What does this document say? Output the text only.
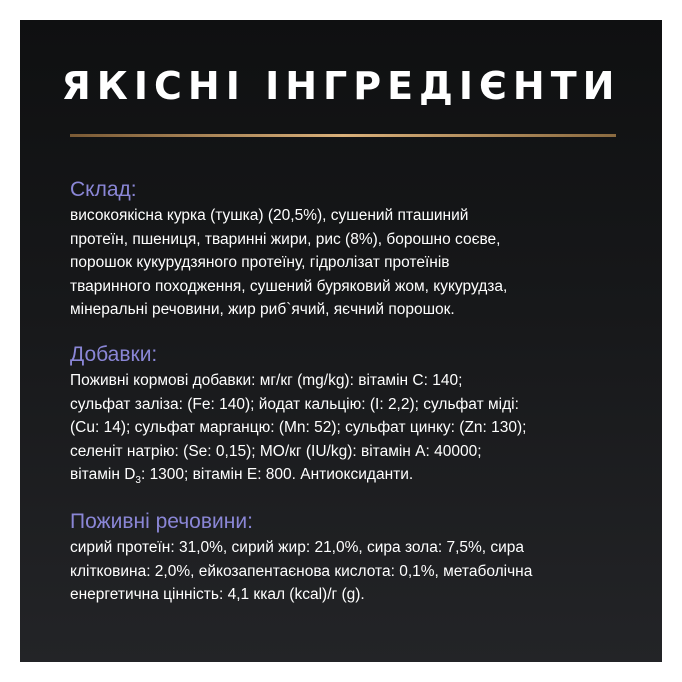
ЯКІСНІ ІНГРЕДІЄНТИ
Склад:
високоякісна курка (тушка) (20,5%), сушений пташиний
протеїн, пшениця, тваринні жири, рис (8%), борошно соєве,
порошок кукурудзяного протеїну, гідролізат протеїнів
тваринного походження, сушений буряковий жом, кукурудза,
мінеральні речовини, жир риб`ячий, яєчний порошок.
Добавки:
Поживні кормові добавки: мг/кг (mg/kg): вітамін С: 140;
сульфат заліза: (Fe: 140); йодат кальцію: (I: 2,2); сульфат міді:
(Cu: 14); сульфат марганцю: (Mn: 52); сульфат цинку: (Zn: 130);
селеніт натрію: (Se: 0,15); МО/кг (IU/kg): вітамін А: 40000;
вітамін $D_3$: 1300; вітамін Е: 800. Антиоксиданти.
Поживні речовини:
сирий протеїн: 31,0%, сирий жир: 21,0%, сира зола: 7,5%, сира
клітковина: 2,0%, ейкозапентаєнова кислота: 0,1%, метаболічна
енергетична цінність: 4,1 ккал (kcal)/г (g).
